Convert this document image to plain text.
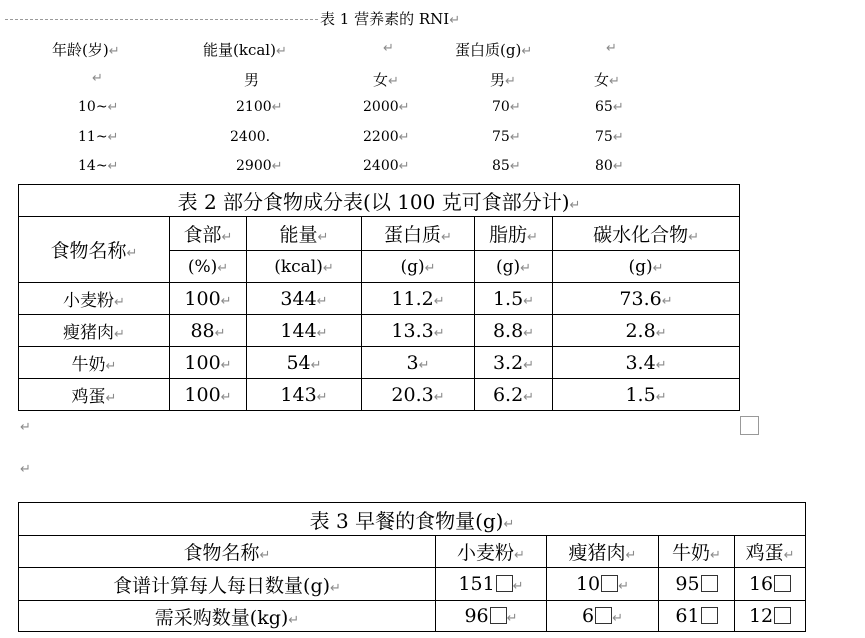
表 1 营养素的 RNI↵
年龄(岁)↵	能量(kcal)↵	↵	蛋白质(g)↵	↵
↵	男	女↵	男↵	女↵
10~↵	2100↵	2000↵	70↵	65↵
11~↵	2400.	2200↵	75↵	75↵
14~↵	2900↵	2400↵	85↵	80↵
表 2 部分食物成分表(以 100 克可食部分计)↵					
食物名称↵	食部↵	能量↵	蛋白质↵	脂肪↵	碳水化合物↵
	(%)↵	(kcal)↵	(g)↵	(g)↵	(g)↵
小麦粉↵	100↵	344↵	11.2↵	1.5↵	73.6↵
瘦猪肉↵	88↵	144↵	13.3↵	8.8↵	2.8↵
牛奶↵	100↵	54↵	3↵	3.2↵	3.4↵
鸡蛋↵	100↵	143↵	20.3↵	6.2↵	1.5↵
↵
↵
表 3 早餐的食物量(g)↵				
食物名称↵	小麦粉↵	瘦猪肉↵	牛奶↵	鸡蛋↵
食谱计算每人每日数量(g)↵	151 ↵	10 ↵	95	16
需采购数量(kg)↵	96 ↵	6 ↵	61	12
